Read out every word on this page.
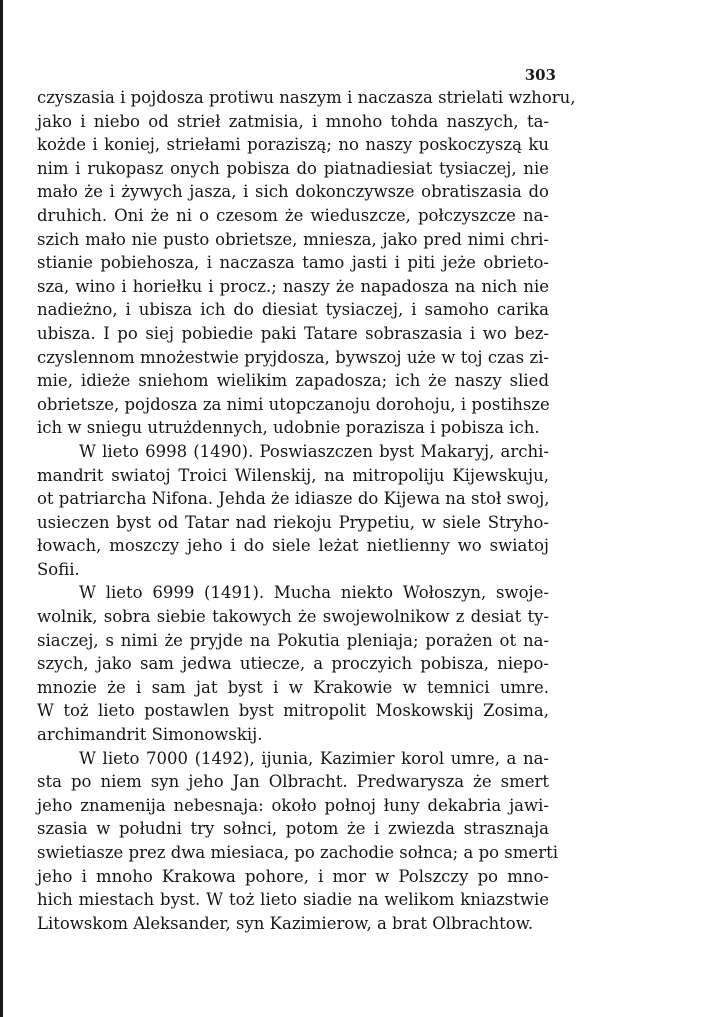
303
czyszasia i pojdosza protiwu naszym i naczasza strielati wzhoru,
jako i niebo od strieł zatmisia, i mnoho tohda naszych, ta-
kożde i koniej, striełami poraziszą; no naszy poskoczyszą ku
nim i rukopasz onych pobisza do piatnadiesiat tysiaczej, nie
mało że i żywych jasza, i sich dokonczywsze obratiszasia do
druhich. Oni że ni o czesom że wieduszcze, połczyszcze na-
szich mało nie pusto obrietsze, mniesza, jako pred nimi chri-
stianie pobiehosza, i naczasza tamo jasti i piti jeże obrieto-
sza, wino i horiełku i procz.; naszy że napadosza na nich nie
nadieżno, i ubisza ich do diesiat tysiaczej, i samoho carika
ubisza. I po siej pobiedie paki Tatare sobraszasia i wo bez-
czyslennom mnożestwie pryjdosza, bywszoj uże w toj czas zi-
mie, idieże sniehom wielikim zapadosza; ich że naszy slied
obrietsze, pojdosza za nimi utopczanoju dorohoju, i postihsze
ich w sniegu utrużdennych, udobnie porazisza i pobisza ich.
W lieto 6998 (1490). Poswiaszczen byst Makaryj, archi-
mandrit swiatoj Troici Wilenskij, na mitropoliju Kijewskuju,
ot patriarcha Nifona. Jehda że idiasze do Kijewa na stoł swoj,
usieczen byst od Tatar nad riekoju Prypetiu, w siele Stryho-
łowach, moszczy jeho i do siele leżat nietlienny wo swiatoj
Sofii.
W lieto 6999 (1491). Mucha niekto Wołoszyn, swoje-
wolnik, sobra siebie takowych że swojewolnikow z desiat ty-
siaczej, s nimi że pryjde na Pokutia pleniaja; porażen ot na-
szych, jako sam jedwa utiecze, a proczyich pobisza, niepo-
mnozie że i sam jat byst i w Krakowie w temnici umre.
W toż lieto postawlen byst mitropolit Moskowskij Zosima,
archimandrit Simonowskij.
W lieto 7000 (1492), ijunia, Kazimier korol umre, a na-
sta po niem syn jeho Jan Olbracht. Predwarysza że smert
jeho znamenija nebesnaja: około połnoj łuny dekabria jawi-
szasia w południ try sołnci, potom że i zwiezda strasznaja
swietiasze prez dwa miesiaca, po zachodie sołnca; a po smerti
jeho i mnoho Krakowa pohore, i mor w Polszczy po mno-
hich miestach byst. W toż lieto siadie na welikom kniazstwie
Litowskom Aleksander, syn Kazimierow, a brat Olbrachtow.
